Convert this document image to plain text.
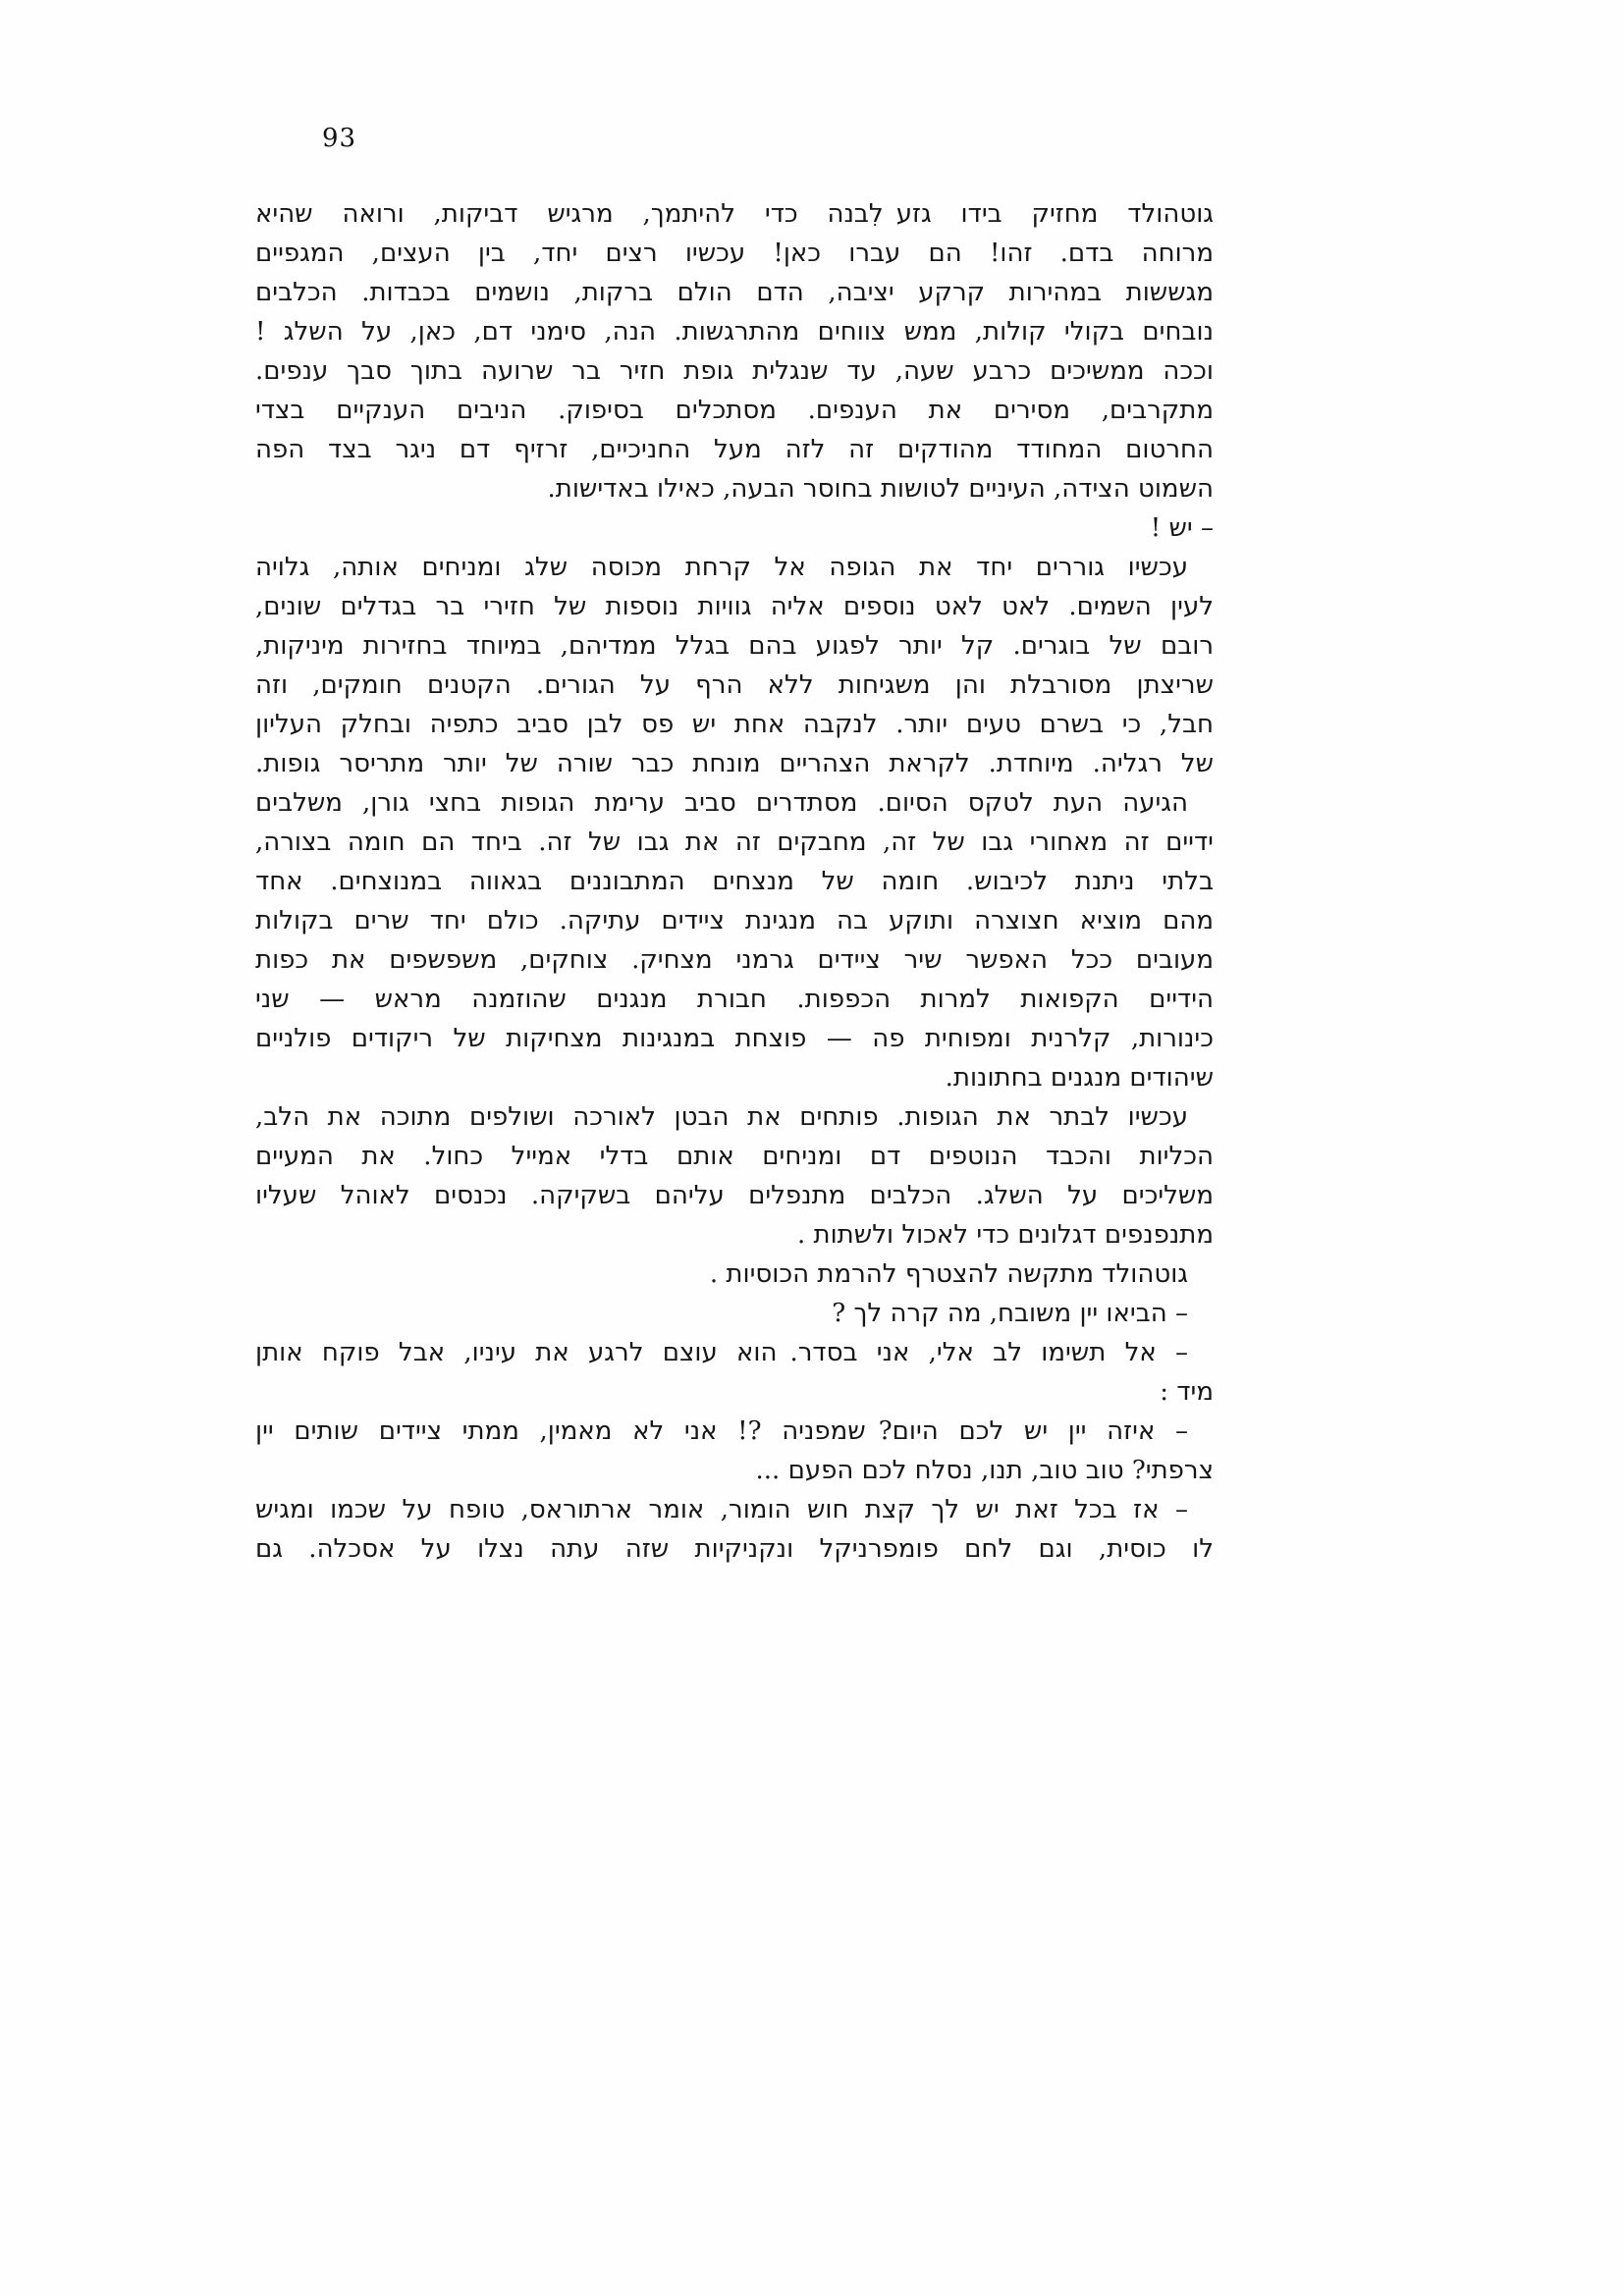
93
גוטהולד מחזיק בידו גזע לִבנה כדי להיתמך, מרגיש דביקות, ורואה שהיא
מרוחה בדם. זהו! הם עברו כאן! עכשיו רצים יחד, בין העצים, המגפיים
מגששות במהירות קרקע יציבה, הדם הולם ברקות, נושמים בכבדות. הכלבים
נובחים בקולי קולות, ממש צווחים מהתרגשות. הנה, סימני דם, כאן, על השלג !
וככה ממשיכים כרבע שעה, עד שנגלית גופת חזיר בר שרועה בתוך סבך ענפים.
מתקרבים, מסירים את הענפים. מסתכלים בסיפוק. הניבים הענקיים בצדי
החרטום המחודד מהודקים זה לזה מעל החניכיים, זרזיף דם ניגר בצד הפה
השמוט הצידה, העיניים לטושות בחוסר הבעה, כאילו באדישות.
– יש !
עכשיו גוררים יחד את הגופה אל קרחת מכוסה שלג ומניחים אותה, גלויה
לעין השמים. לאט לאט נוספים אליה גוויות נוספות של חזירי בר בגדלים שונים,
רובם של בוגרים. קל יותר לפגוע בהם בגלל ממדיהם, במיוחד בחזירות מיניקות,
שריצתן מסורבלת והן משגיחות ללא הרף על הגורים. הקטנים חומקים, וזה
חבל, כי בשרם טעים יותר. לנקבה אחת יש פס לבן סביב כתפיה ובחלק העליון
של רגליה. מיוחדת. לקראת הצהריים מונחת כבר שורה של יותר מתריסר גופות.
הגיעה העת לטקס הסיום. מסתדרים סביב ערימת הגופות בחצי גורן, משלבים
ידיים זה מאחורי גבו של זה, מחבקים זה את גבו של זה. ביחד הם חומה בצורה,
בלתי ניתנת לכיבוש. חומה של מנצחים המתבוננים בגאווה במנוצחים. אחד
מהם מוציא חצוצרה ותוקע בה מנגינת ציידים עתיקה. כולם יחד שרים בקולות
מעובים ככל האפשר שיר ציידים גרמני מצחיק. צוחקים, משפשפים את כפות
הידיים הקפואות למרות הכפפות. חבורת מנגנים שהוזמנה מראש — שני
כינורות, קלרנית ומפוחית פה — פוצחת במנגינות מצחיקות של ריקודים פולניים
שיהודים מנגנים בחתונות.
עכשיו לבתר את הגופות. פותחים את הבטן לאורכה ושולפים מתוכה את הלב,
הכליות והכבד הנוטפים דם ומניחים אותם בדלי אמייל כחול. את המעיים
משליכים על השלג. הכלבים מתנפלים עליהם בשקיקה. נכנסים לאוהל שעליו
מתנפנפים דגלונים כדי לאכול ולשתות .
גוטהולד מתקשה להצטרף להרמת הכוסיות .
– הביאו יין משובח, מה קרה לך ?
– אל תשימו לב אלי, אני בסדר. הוא עוצם לרגע את עיניו, אבל פוקח אותן
מיד :
– איזה יין יש לכם היום? שמפניה ?! אני לא מאמין, ממתי ציידים שותים יין
צרפתי? טוב טוב, תנו, נסלח לכם הפעם ...
– אז בכל זאת יש לך קצת חוש הומור, אומר ארתוראס, טופח על שכמו ומגיש
לו כוסית, וגם לחם פומפרניקל ונקניקיות שזה עתה נצלו על אסכלה. גם
